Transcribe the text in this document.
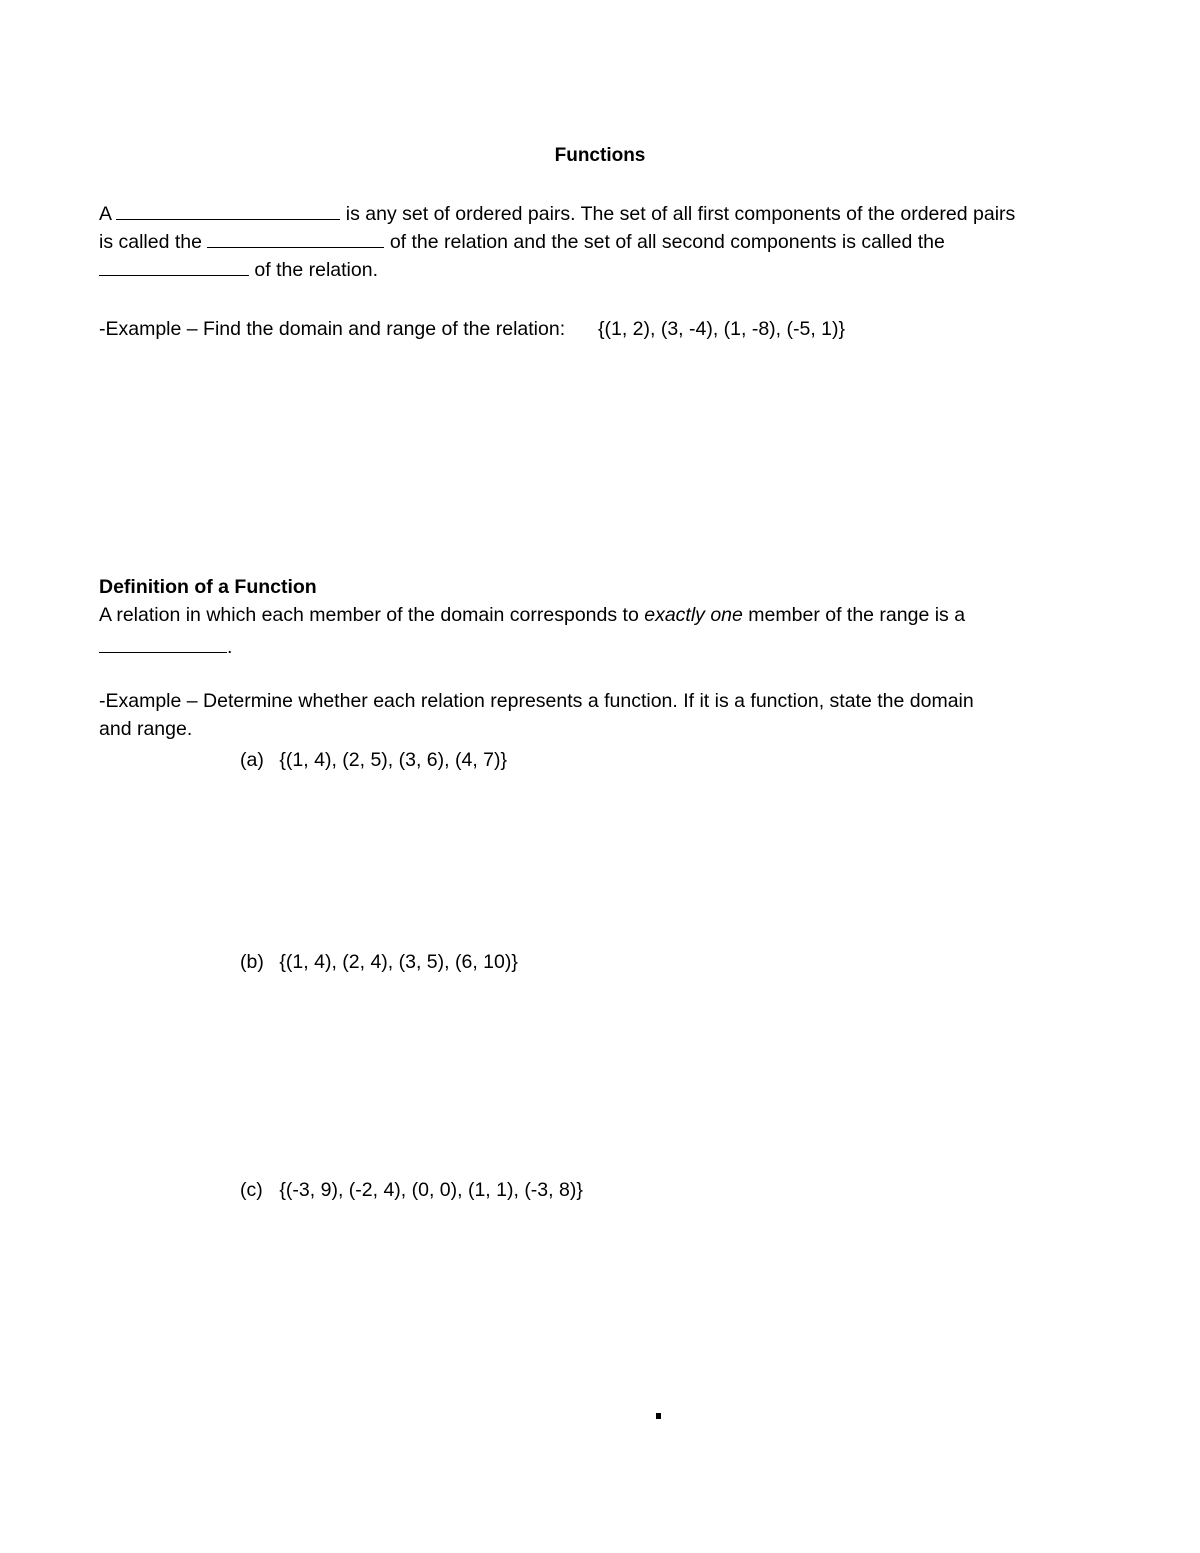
Functions
A	is any set of ordered pairs. The set of all first components of the ordered pairs
is called the	of the relation and the set of all second components is called the
of the relation.
-Example – Find the domain and range of the relation: {(1, 2), (3, -4), (1, -8), (-5, 1)}
Definition of a Function
A relation in which each member of the domain corresponds to exactly one member of the range is a
.
-Example – Determine whether each relation represents a function. If it is a function, state the domain
and range.
(a) {(1, 4), (2, 5), (3, 6), (4, 7)}
(b) {(1, 4), (2, 4), (3, 5), (6, 10)}
(c) {(-3, 9), (-2, 4), (0, 0), (1, 1), (-3, 8)}
